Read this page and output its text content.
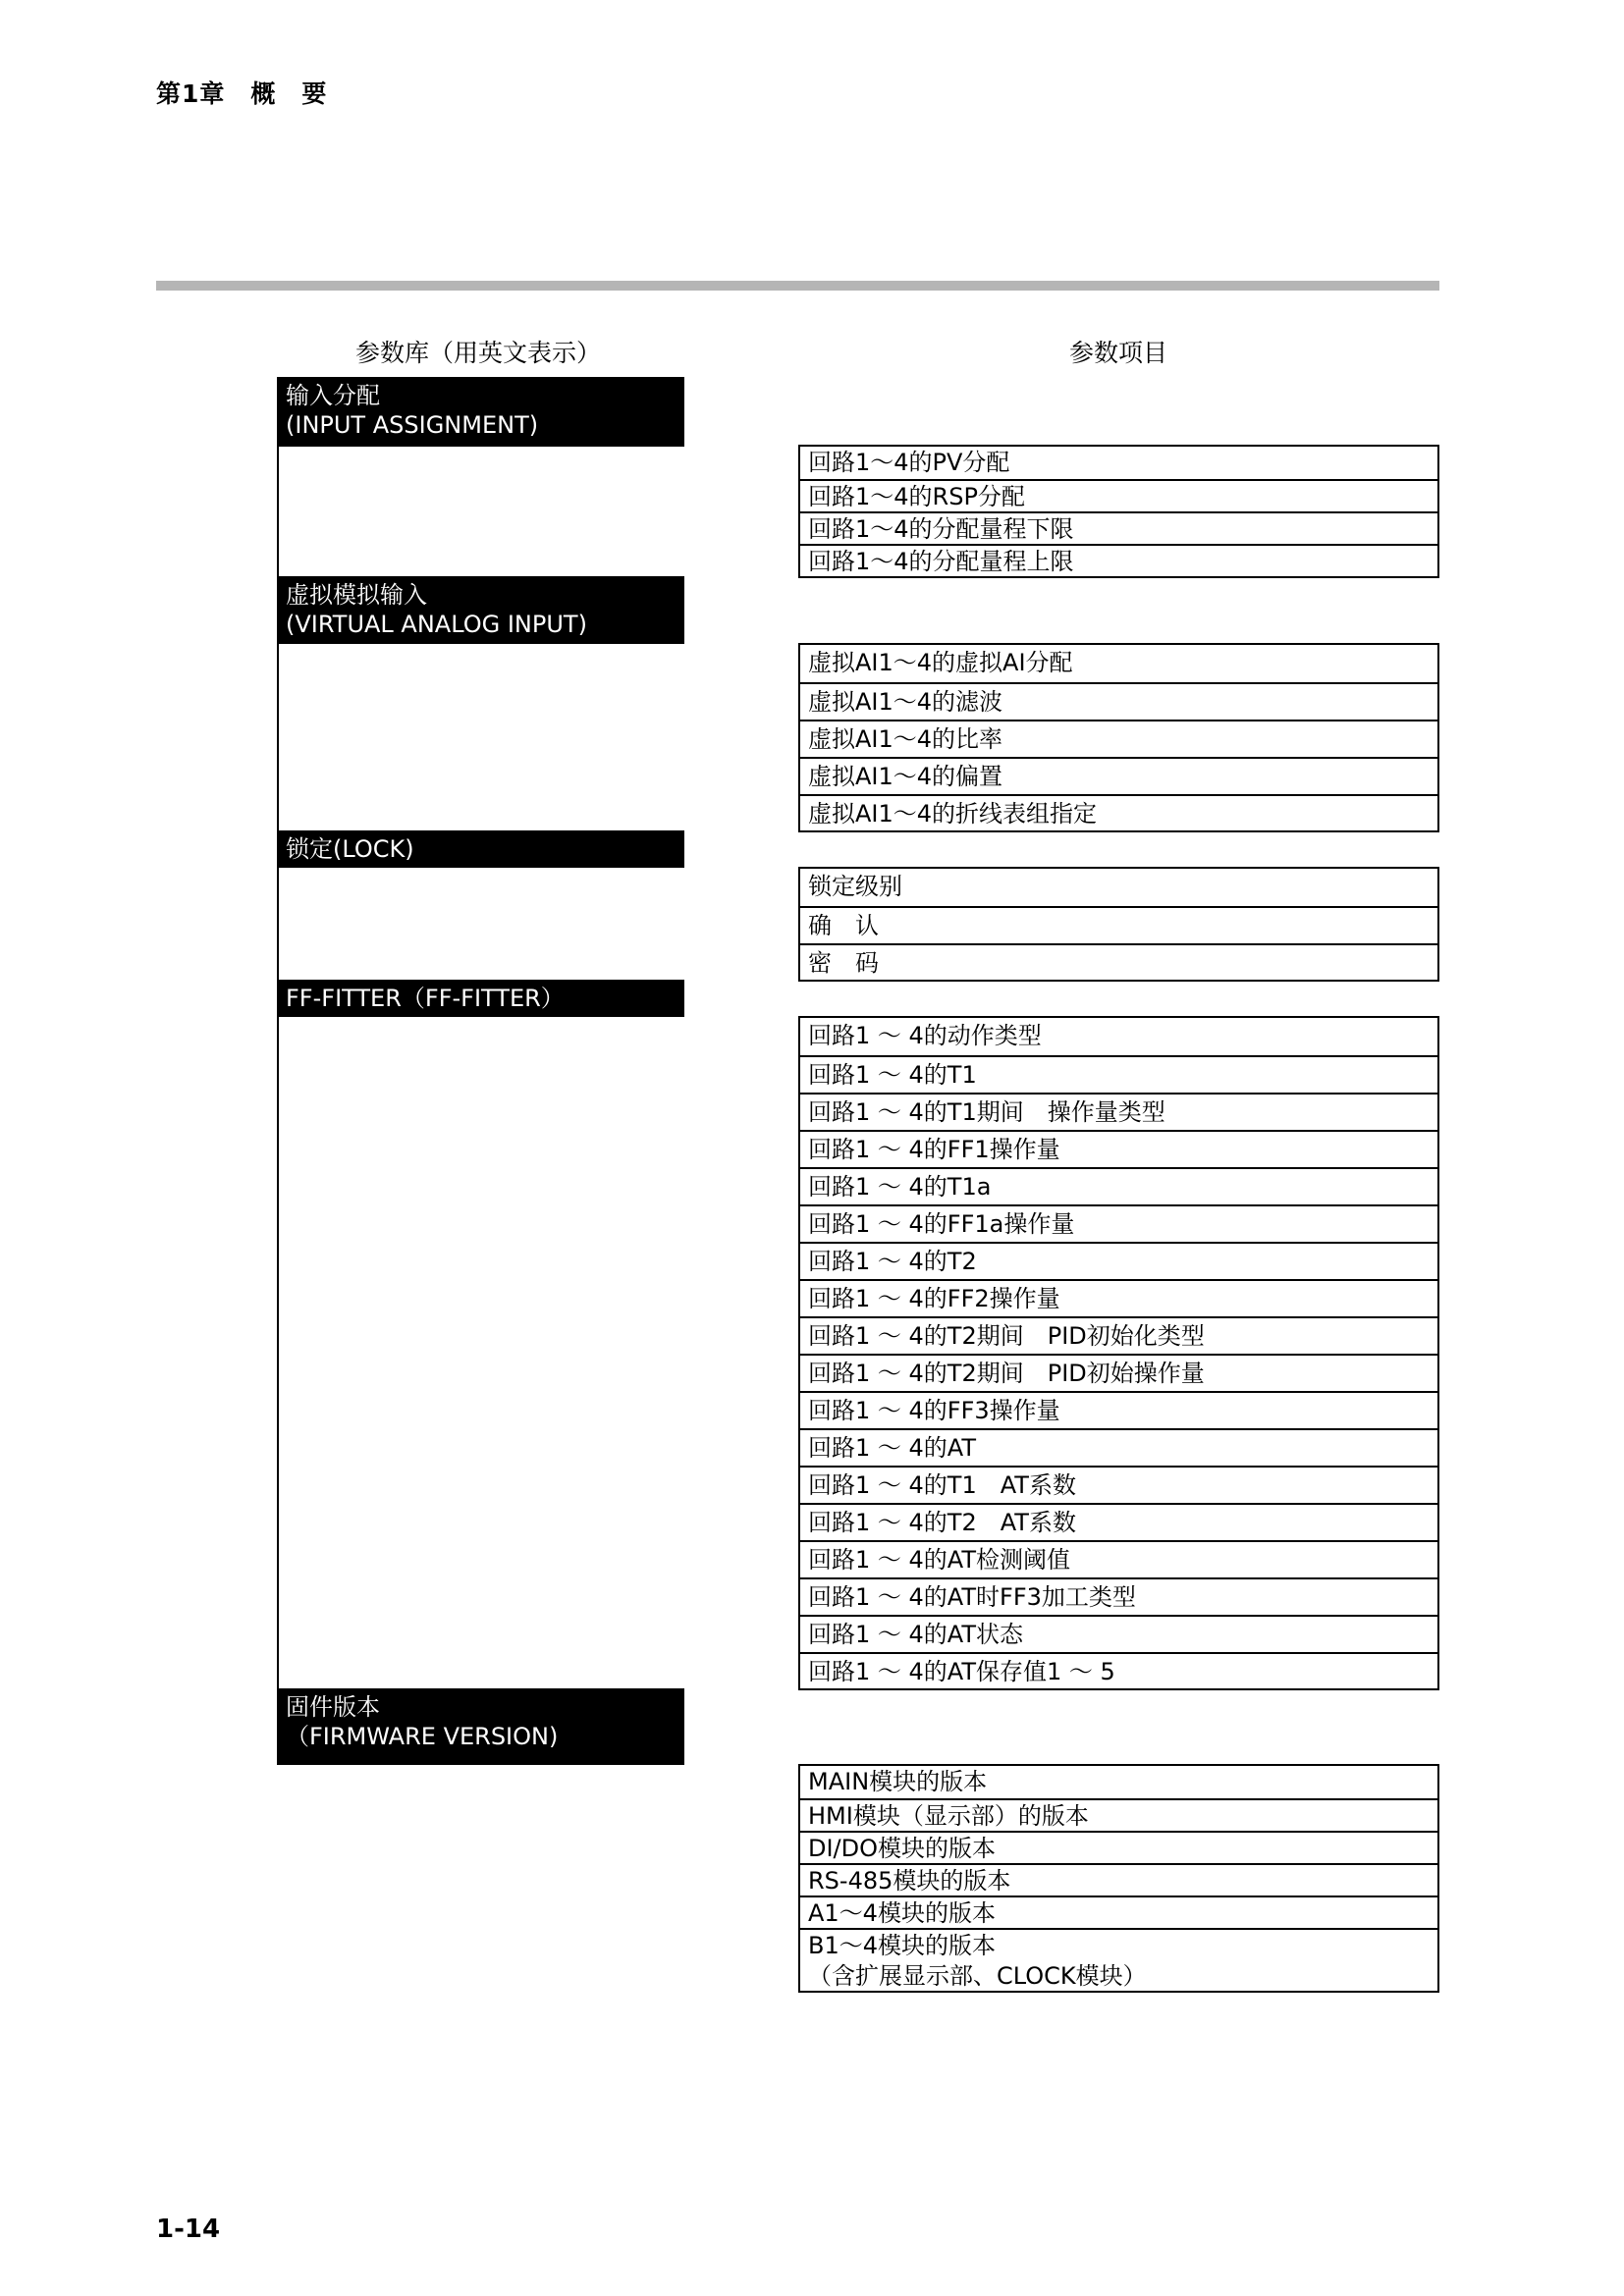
第1章　概　要
参数库（用英文表示）	参数项目
输入分配
(INPUT ASSIGNMENT)
回路1～4的PV分配
回路1～4的RSP分配
回路1～4的分配量程下限
回路1～4的分配量程上限
虚拟模拟输入
(VIRTUAL ANALOG INPUT)
虚拟AI1～4的虚拟AI分配
虚拟AI1～4的滤波
虚拟AI1～4的比率
虚拟AI1～4的偏置
虚拟AI1～4的折线表组指定
锁定(LOCK)
锁定级别
确　认
密　码
FF-FITTER（FF-FITTER）
回路1 ～ 4的动作类型
回路1 ～ 4的T1
回路1 ～ 4的T1期间　操作量类型
回路1 ～ 4的FF1操作量
回路1 ～ 4的T1a
回路1 ～ 4的FF1a操作量
回路1 ～ 4的T2
回路1 ～ 4的FF2操作量
回路1 ～ 4的T2期间　PID初始化类型
回路1 ～ 4的T2期间　PID初始操作量
回路1 ～ 4的FF3操作量
回路1 ～ 4的AT
回路1 ～ 4的T1　AT系数
回路1 ～ 4的T2　AT系数
回路1 ～ 4的AT检测阈值
回路1 ～ 4的AT时FF3加工类型
回路1 ～ 4的AT状态
回路1 ～ 4的AT保存值1 ～ 5
固件版本
（FIRMWARE VERSION)
MAIN模块的版本
HMI模块（显示部）的版本
DI/DO模块的版本
RS-485模块的版本
A1～4模块的版本
B1～4模块的版本
（含扩展显示部、CLOCK模块）
1-14
